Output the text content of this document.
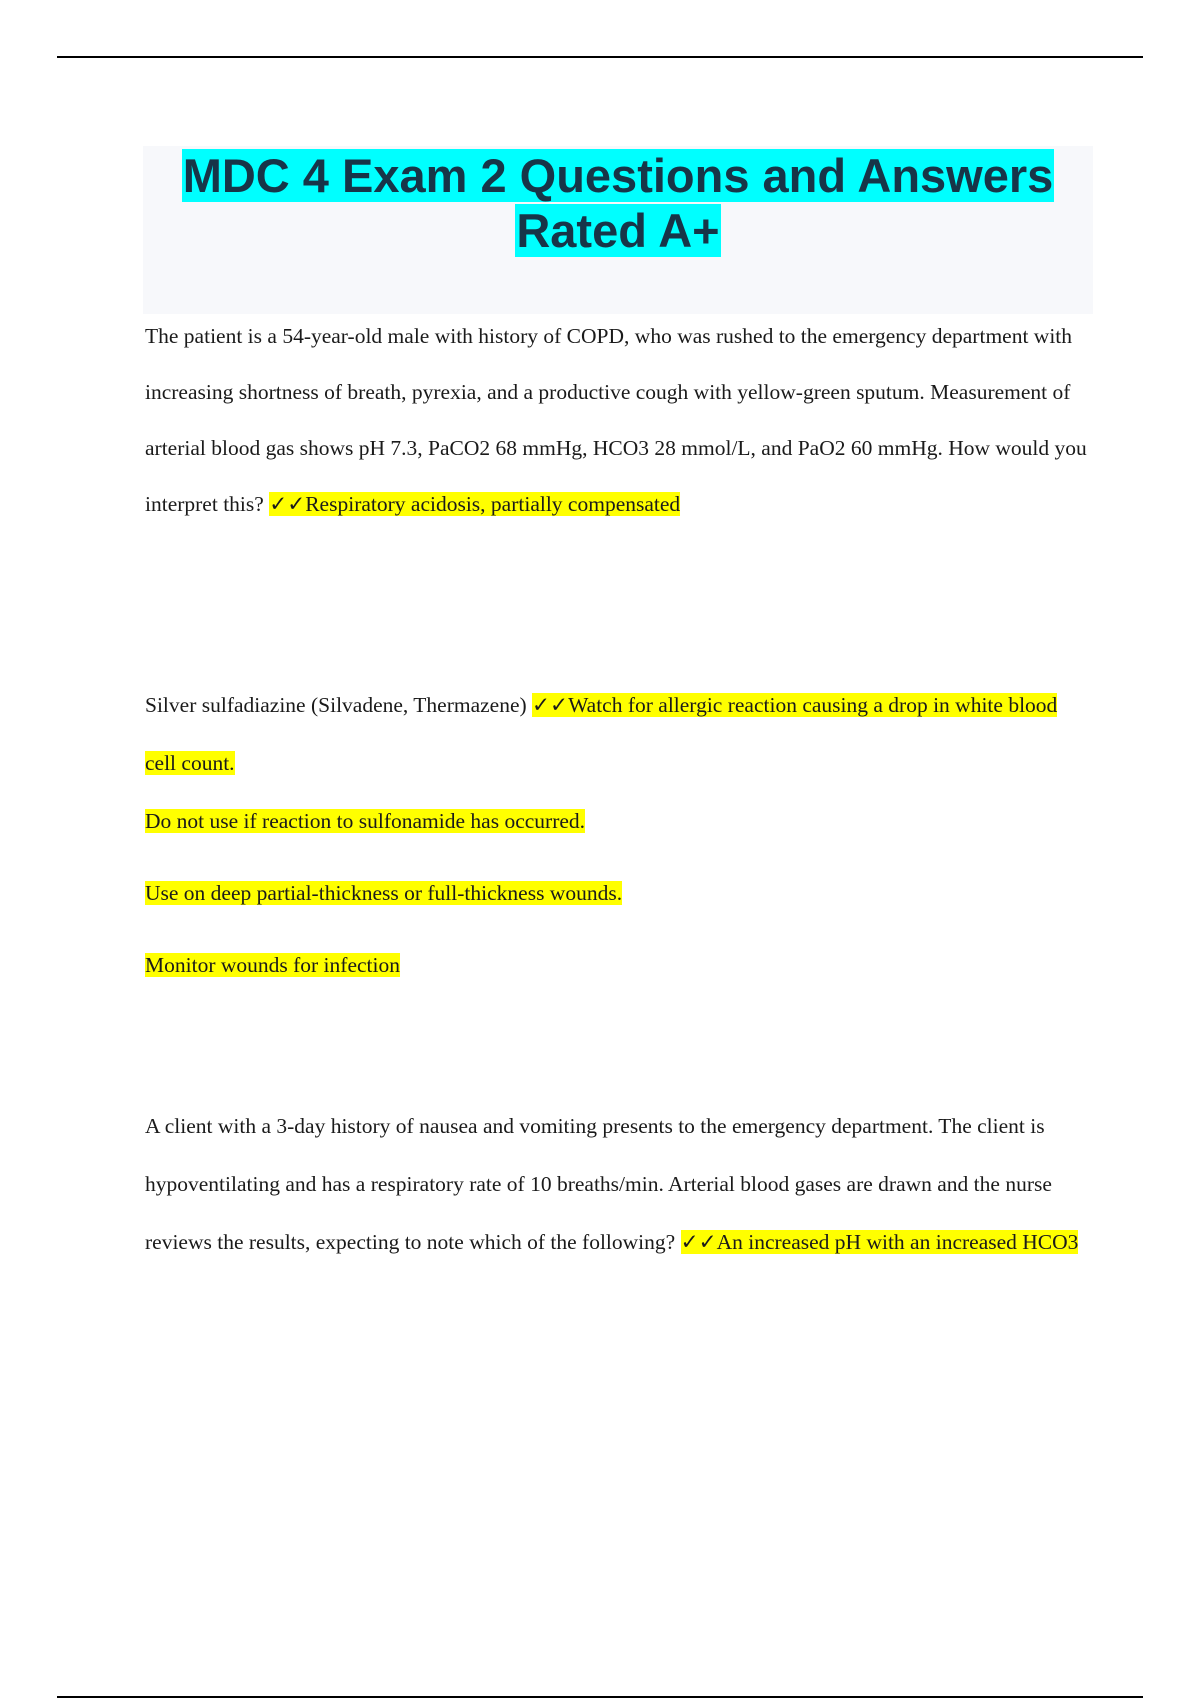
MDC 4 Exam 2 Questions and Answers
Rated A+

The patient is a 54-year-old male with history of COPD, who was rushed to the emergency department with increasing shortness of breath, pyrexia, and a productive cough with yellow-green sputum. Measurement of arterial blood gas shows pH 7.3, PaCO2 68 mmHg, HCO3 28 mmol/L, and PaO2 60 mmHg. How would you interpret this? ✓✓Respiratory acidosis, partially compensated

Silver sulfadiazine (Silvadene, Thermazene) ✓✓Watch for allergic reaction causing a drop in white blood cell count.

Do not use if reaction to sulfonamide has occurred.

Use on deep partial-thickness or full-thickness wounds.

Monitor wounds for infection

A client with a 3-day history of nausea and vomiting presents to the emergency department. The client is hypoventilating and has a respiratory rate of 10 breaths/min. Arterial blood gases are drawn and the nurse reviews the results, expecting to note which of the following? ✓✓An increased pH with an increased HCO3
